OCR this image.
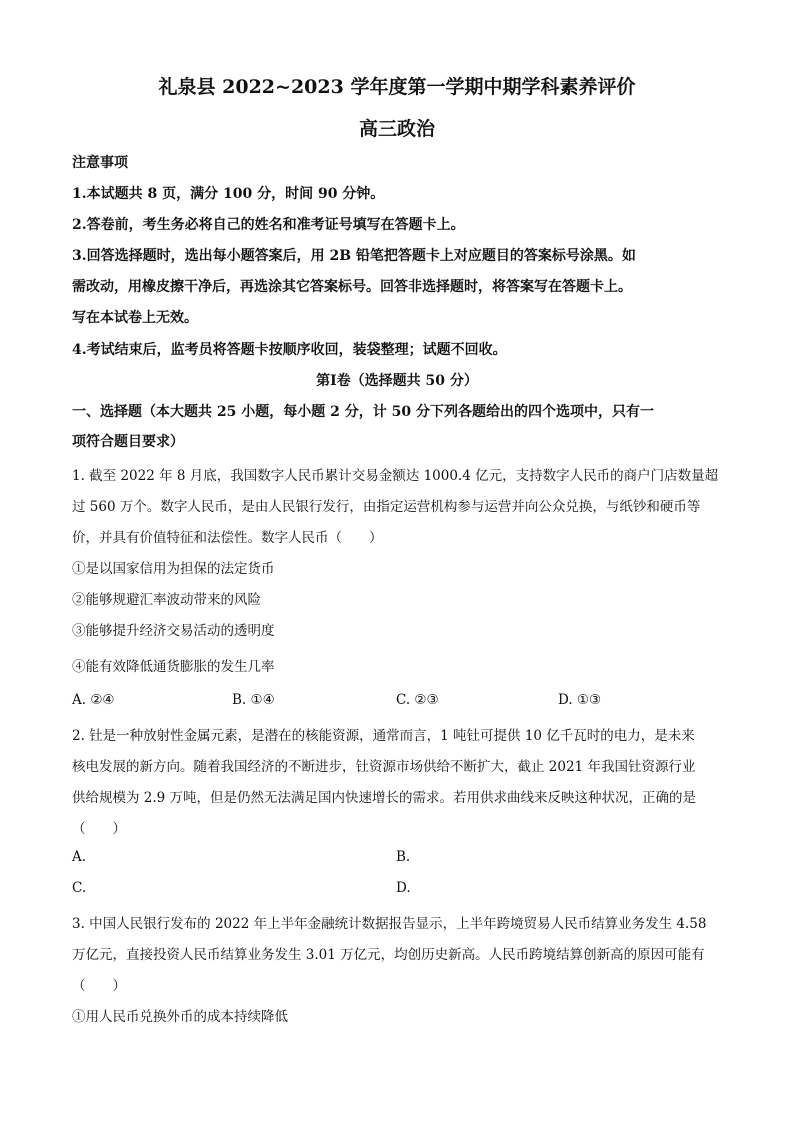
礼泉县 2022~2023 学年度第一学期中期学科素养评价
高三政治
注意事项
1.本试题共 8 页，满分 100 分，时间 90 分钟。
2.答卷前，考生务必将自己的姓名和准考证号填写在答题卡上。
3.回答选择题时，选出每小题答案后，用 2B 铅笔把答题卡上对应题目的答案标号涂黑。如
需改动，用橡皮擦干净后，再选涂其它答案标号。回答非选择题时，将答案写在答题卡上。
写在本试卷上无效。
4.考试结束后，监考员将答题卡按顺序收回，装袋整理；试题不回收。
第Ⅰ卷（选择题共 50 分）
一、选择题（本大题共 25 小题，每小题 2 分，计 50 分下列各题给出的四个选项中，只有一
项符合题目要求）
1. 截至 2022 年 8 月底，我国数字人民币累计交易金额达 1000.4 亿元，支持数字人民币的商户门店数量超
过 560 万个。数字人民币，是由人民银行发行，由指定运营机构参与运营并向公众兑换，与纸钞和硬币等
价，并具有价值特征和法偿性。数字人民币（　　）
①是以国家信用为担保的法定货币
②能够规避汇率波动带来的风险
③能够提升经济交易活动的透明度
④能有效降低通货膨胀的发生几率
A. ②④	B. ①④	C. ②③	D. ①③
2. 钍是一种放射性金属元素，是潜在的核能资源，通常而言，1 吨钍可提供 10 亿千瓦时的电力，是未来
核电发展的新方向。随着我国经济的不断进步，钍资源市场供给不断扩大，截止 2021 年我国钍资源行业
供给规模为 2.9 万吨，但是仍然无法满足国内快速增长的需求。若用供求曲线来反映这种状况，正确的是
（　　）
A.	B.
C.	D.
3. 中国人民银行发布的 2022 年上半年金融统计数据报告显示，上半年跨境贸易人民币结算业务发生 4.58
万亿元，直接投资人民币结算业务发生 3.01 万亿元，均创历史新高。人民币跨境结算创新高的原因可能有
（　　）
①用人民币兑换外币的成本持续降低
